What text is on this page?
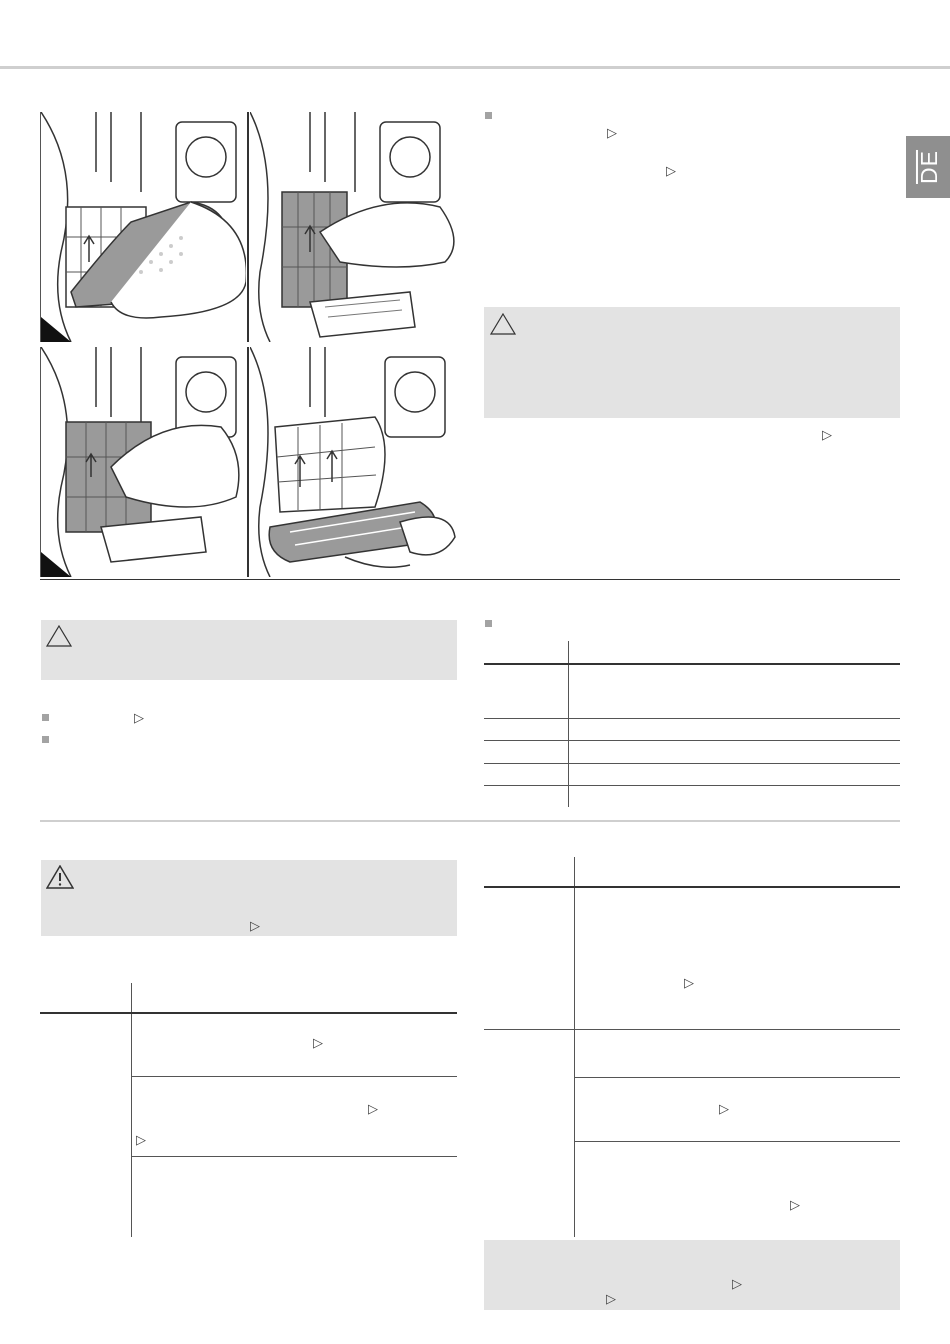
DE
▷
▷
▷
▷
▷
▷
▷
▷
▷
▷
▷
▷
▷
